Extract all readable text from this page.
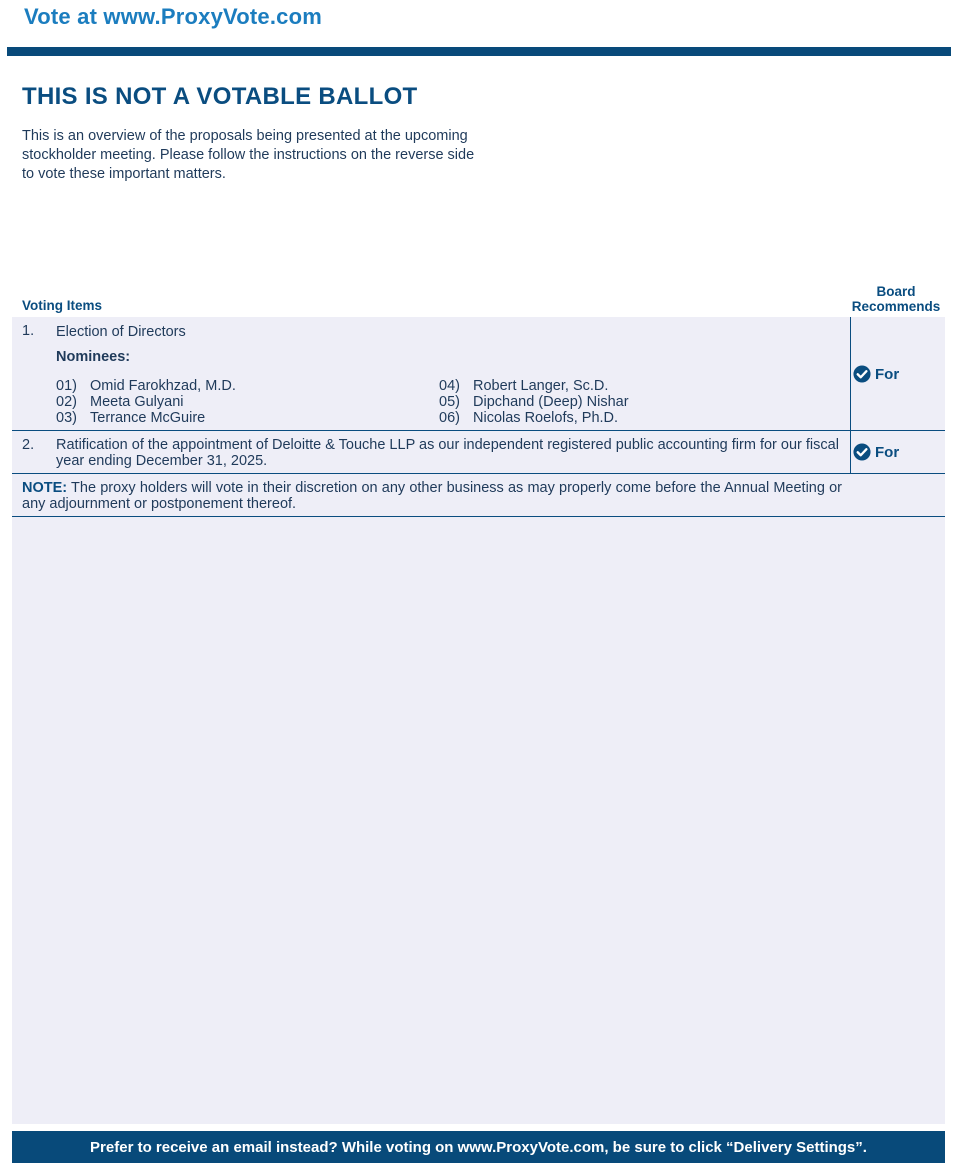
Vote at www.ProxyVote.com
THIS IS NOT A VOTABLE BALLOT
This is an overview of the proposals being presented at the upcoming stockholder meeting. Please follow the instructions on the reverse side to vote these important matters.
Voting Items
Board
Recommends
1. Election of Directors
Nominees:
01) Omid Farokhzad, M.D.
02) Meeta Gulyani
03) Terrance McGuire
04) Robert Langer, Sc.D.
05) Dipchand (Deep) Nishar
06) Nicolas Roelofs, Ph.D.
For
2. Ratification of the appointment of Deloitte & Touche LLP as our independent registered public accounting firm for our fiscal year ending December 31, 2025.
For
NOTE: The proxy holders will vote in their discretion on any other business as may properly come before the Annual Meeting or any adjournment or postponement thereof.
Prefer to receive an email instead? While voting on www.ProxyVote.com, be sure to click “Delivery Settings”.
